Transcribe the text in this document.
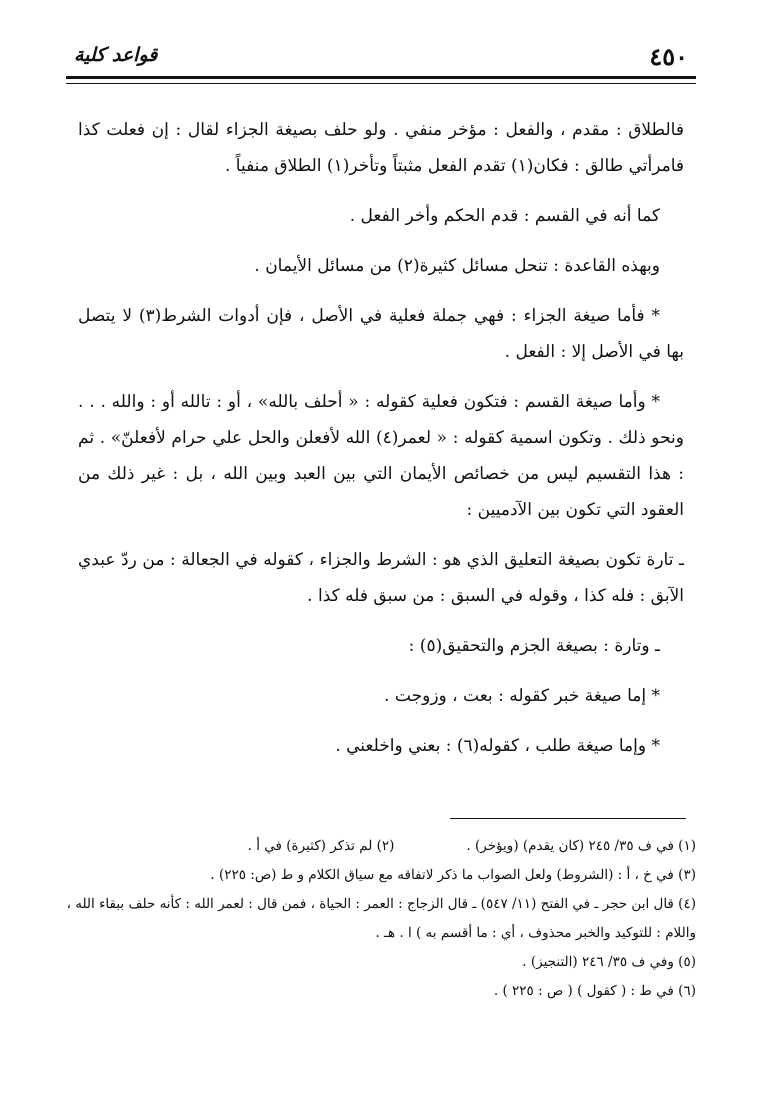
٤٥٠
قواعد كلية

فالطلاق : مقدم ، والفعل : مؤخر منفي . ولو حلف بصيغة الجزاء لقال : إن فعلت كذا فامرأتي طالق : فكان(١) تقدم الفعل مثبتاً وتأخر(١) الطلاق منفياً .

كما أنه في القسم : قدم الحكم وأخر الفعل .

وبهذه القاعدة : تنحل مسائل كثيرة(٢) من مسائل الأيمان .

* فأما صيغة الجزاء : فهي جملة فعلية في الأصل ، فإن أدوات الشرط(٣) لا يتصل بها في الأصل إلا : الفعل .

* وأما صيغة القسم : فتكون فعلية كقوله : « أحلف بالله» ، أو : تالله أو : والله . . . ونحو ذلك . وتكون اسمية كقوله : « لعمر(٤) الله لأفعلن والحل علي حرام لأفعلنّ» . ثم : هذا التقسيم ليس من خصائص الأيمان التي بين العبد وبين الله ، بل : غير ذلك من العقود التي تكون بين الآدميين :

ـ تارة تكون بصيغة التعليق الذي هو : الشرط والجزاء ، كقوله في الجعالة : من ردّ عبدي الآبق : فله كذا ، وقوله في السبق : من سبق فله كذا .

ـ وتارة : بصيغة الجزم والتحقيق(٥) :

* إما صيغة خبر كقوله : بعت ، وزوجت .

* وإما صيغة طلب ، كقوله(٦) : بعني واخلعني .

(١) في ف ٣٥/ ٢٤٥ (كان يقدم) (ويؤخر) .

(٢) لم تذكر (كثيرة) في أ .

(٣) في خ ، أ : (الشروط) ولعل الصواب ما ذكر لاتفاقه مع سياق الكلام و ط (ص: ٢٢٥) .

(٤) قال ابن حجر ـ في الفتح (١١/ ٥٤٧) ـ قال الزجاج : العمر : الحياة ، فمن قال : لعمر الله : كأنه حلف ببقاء الله ، واللام : للتوكيد والخبر محذوف ، أي : ما أقسم به ) ا . هـ .

(٥) وفي ف ٣٥/ ٢٤٦ (التنجيز) .

(٦) في ط : ( كقول ) ( ص : ٢٢٥ ) .
